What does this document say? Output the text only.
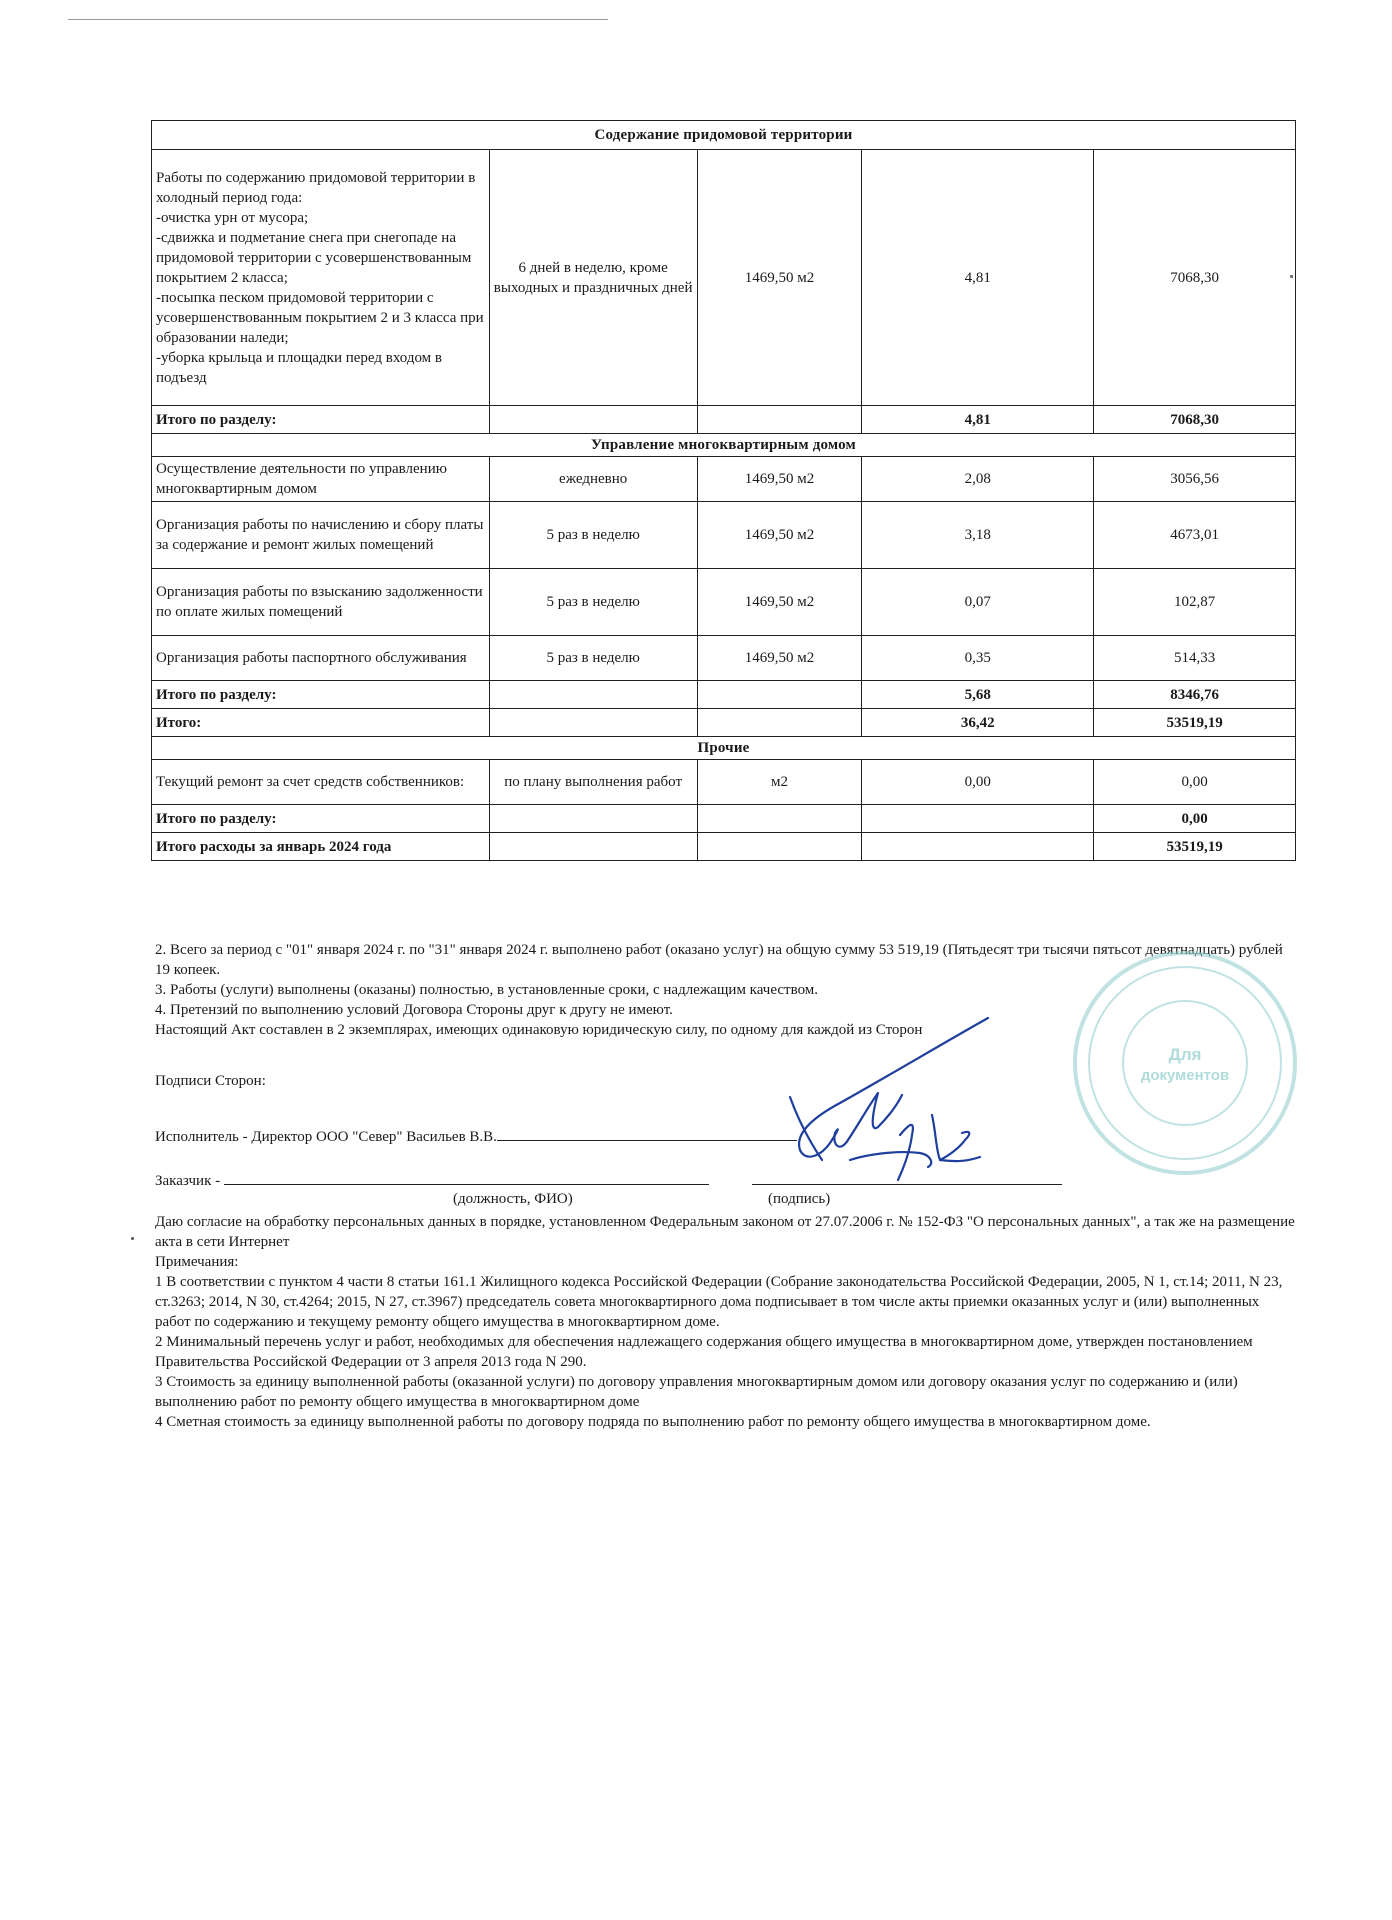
Содержание придомовой территории				
Работы по содержанию придомовой территории в холодный период года:
-очистка урн от мусора;
-сдвижка и подметание снега при снегопаде на придомовой территории с усовершенствованным покрытием 2 класса;
-посыпка песком придомовой территории с усовершенствованным покрытием 2 и 3 класса при образовании наледи;
-уборка крыльца и площадки перед входом в подъезд	6 дней в неделю, кроме выходных и праздничных дней	1469,50 м2	4,81	7068,30
Итого по разделу:			4,81	7068,30
Управление многоквартирным домом				
Осуществление деятельности по управлению многоквартирным домом	ежедневно	1469,50 м2	2,08	3056,56
Организация работы по начислению и сбору платы за содержание и ремонт жилых помещений	5 раз в неделю	1469,50 м2	3,18	4673,01
Организация работы по взысканию задолженности по оплате жилых помещений	5 раз в неделю	1469,50 м2	0,07	102,87
Организация работы паспортного обслуживания	5 раз в неделю	1469,50 м2	0,35	514,33
Итого по разделу:			5,68	8346,76
Итого:			36,42	53519,19
Прочие				
Текущий ремонт за счет средств собственников:	по плану выполнения работ	м2	0,00	0,00
Итого по разделу:				0,00
Итого расходы за январь 2024 года				53519,19

2. Всего за период с "01" января 2024 г. по "31" января 2024 г. выполнено работ (оказано услуг) на общую сумму 53 519,19 (Пятьдесят три тысячи пятьсот девятнадцать) рублей 19 копеек.

3. Работы (услуги) выполнены (оказаны) полностью, в установленные сроки, с надлежащим качеством.

4. Претензий по выполнению условий Договора Стороны друг к другу не имеют.

Настоящий Акт составлен в 2 экземплярах, имеющих одинаковую юридическую силу, по одному для каждой из Сторон

Подписи Сторон:
Исполнитель - Директор ООО "Север" Васильев В.В.
Заказчик -
(должность, ФИО)	(подпись)

Даю согласие на обработку персональных данных в порядке, установленном Федеральным законом от 27.07.2006 г. № 152-ФЗ "О персональных данных", а так же на размещение акта в сети Интернет

Примечания:

1 В соответствии с пунктом 4 части 8 статьи 161.1 Жилищного кодекса Российской Федерации (Собрание законодательства Российской Федерации, 2005, N 1, ст.14; 2011, N 23, ст.3263; 2014, N 30, ст.4264; 2015, N 27, ст.3967) председатель совета многоквартирного дома подписывает в том числе акты приемки оказанных услуг и (или) выполненных работ по содержанию и текущему ремонту общего имущества в многоквартирном доме.

2 Минимальный перечень услуг и работ, необходимых для обеспечения надлежащего содержания общего имущества в многоквартирном доме, утвержден постановлением Правительства Российской Федерации от 3 апреля 2013 года N 290.

3 Стоимость за единицу выполненной работы (оказанной услуги) по договору управления многоквартирным домом или договору оказания услуг по содержанию и (или) выполнению работ по ремонту общего имущества в многоквартирном доме

4 Сметная стоимость за единицу выполненной работы по договору подряда по выполнению работ по ремонту общего имущества в многоквартирном доме.

Для
документов
